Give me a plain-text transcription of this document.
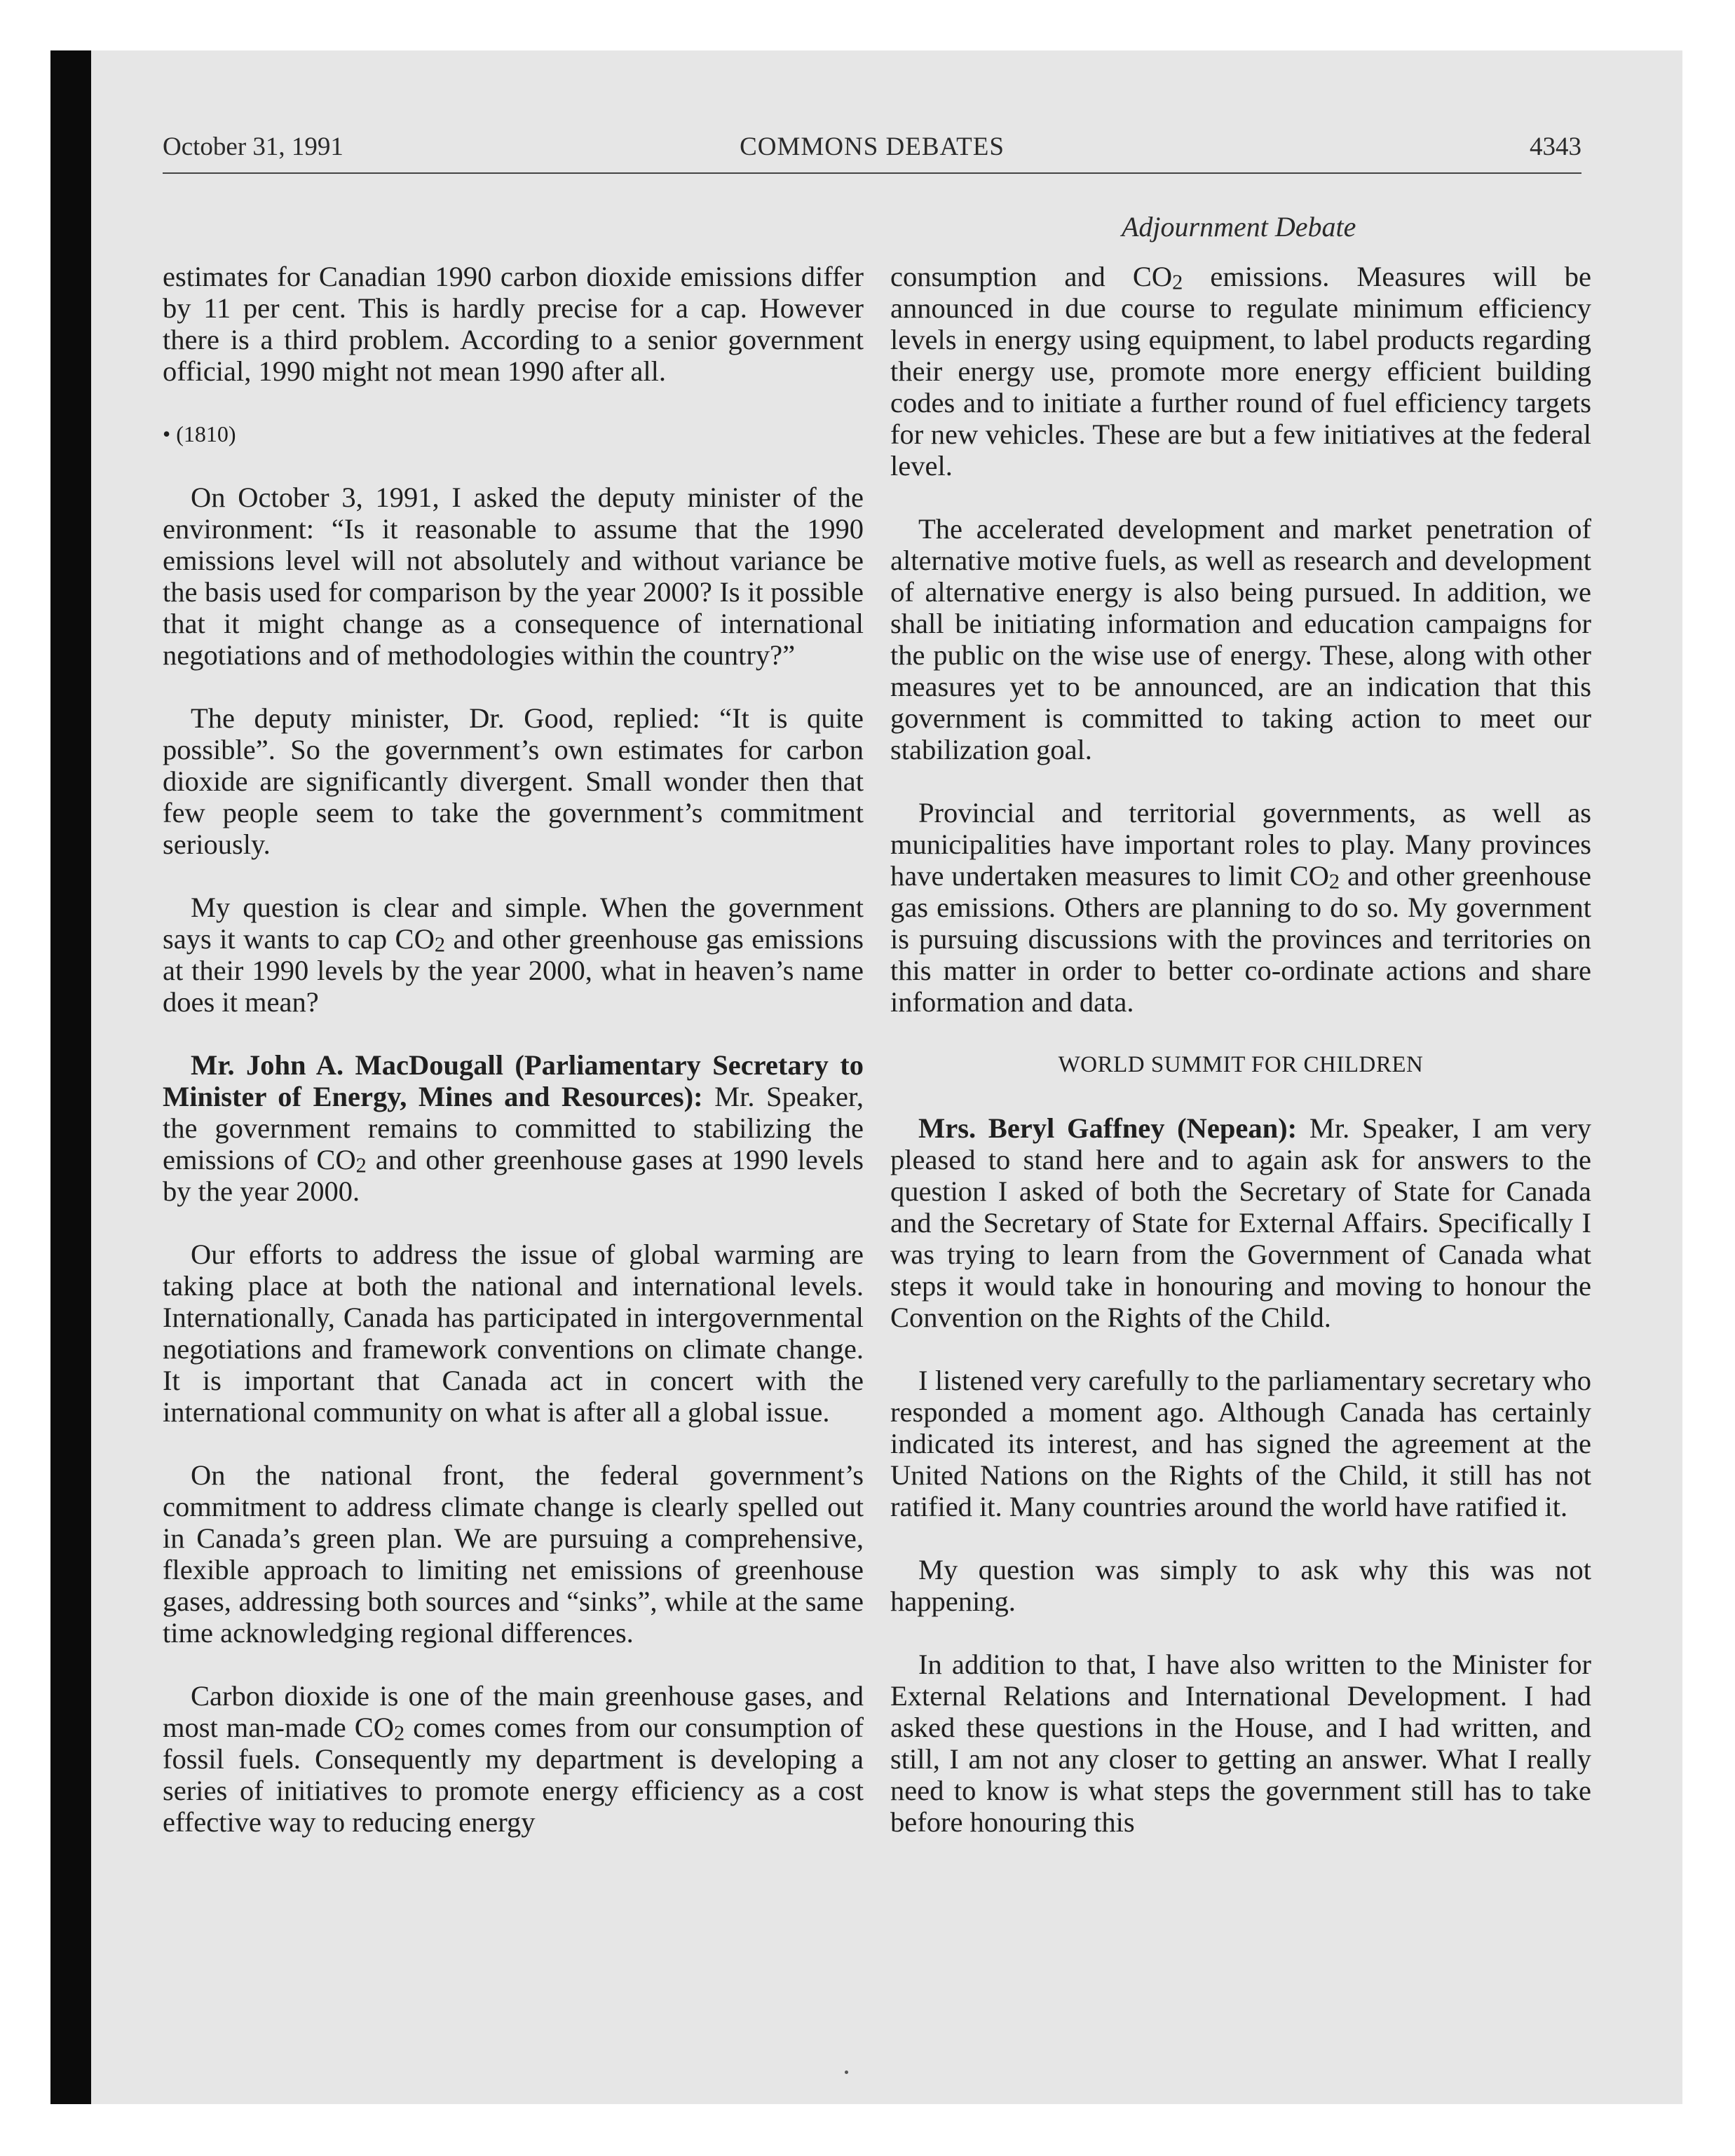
October 31, 1991	COMMONS DEBATES	4343
Adjournment Debate

estimates for Canadian 1990 carbon dioxide emissions differ by 11 per cent. This is hardly precise for a cap. However there is a third problem. According to a senior government official, 1990 might not mean 1990 after all.

• (1810)

On October 3, 1991, I asked the deputy minister of the environment: “Is it reasonable to assume that the 1990 emissions level will not absolutely and without variance be the basis used for comparison by the year 2000? Is it possible that it might change as a consequence of international negotiations and of methodologies within the country?”

The deputy minister, Dr. Good, replied: “It is quite possible”. So the government’s own estimates for carbon dioxide are significantly divergent. Small wonder then that few people seem to take the government’s commitment seriously.

My question is clear and simple. When the government says it wants to cap $CO_2$ and other greenhouse gas emissions at their 1990 levels by the year 2000, what in heaven’s name does it mean?

Mr. John A. MacDougall (Parliamentary Secretary to Minister of Energy, Mines and Resources): Mr. Speaker, the government remains to committed to stabilizing the emissions of $CO_2$ and other greenhouse gases at 1990 levels by the year 2000.

Our efforts to address the issue of global warming are taking place at both the national and international levels. Internationally, Canada has participated in intergovernmental negotiations and framework conventions on climate change. It is important that Canada act in concert with the international community on what is after all a global issue.

On the national front, the federal government’s commitment to address climate change is clearly spelled out in Canada’s green plan. We are pursuing a comprehensive, flexible approach to limiting net emissions of greenhouse gases, addressing both sources and “sinks”, while at the same time acknowledging regional differences.

Carbon dioxide is one of the main greenhouse gases, and most man-made $CO_2$ comes comes from our consumption of fossil fuels. Consequently my department is developing a series of initiatives to promote energy efficiency as a cost effective way to reducing energy

consumption and $CO_2$ emissions. Measures will be announced in due course to regulate minimum efficiency levels in energy using equipment, to label products regarding their energy use, promote more energy efficient building codes and to initiate a further round of fuel efficiency targets for new vehicles. These are but a few initiatives at the federal level.

The accelerated development and market penetration of alternative motive fuels, as well as research and development of alternative energy is also being pursued. In addition, we shall be initiating information and education campaigns for the public on the wise use of energy. These, along with other measures yet to be announced, are an indication that this government is committed to taking action to meet our stabilization goal.

Provincial and territorial governments, as well as municipalities have important roles to play. Many provinces have undertaken measures to limit $CO_2$ and other greenhouse gas emissions. Others are planning to do so. My government is pursuing discussions with the provinces and territories on this matter in order to better co-ordinate actions and share information and data.

WORLD SUMMIT FOR CHILDREN

Mrs. Beryl Gaffney (Nepean): Mr. Speaker, I am very pleased to stand here and to again ask for answers to the question I asked of both the Secretary of State for Canada and the Secretary of State for External Affairs. Specifically I was trying to learn from the Government of Canada what steps it would take in honouring and moving to honour the Convention on the Rights of the Child.

I listened very carefully to the parliamentary secretary who responded a moment ago. Although Canada has certainly indicated its interest, and has signed the agreement at the United Nations on the Rights of the Child, it still has not ratified it. Many countries around the world have ratified it.

My question was simply to ask why this was not happening.

In addition to that, I have also written to the Minister for External Relations and International Development. I had asked these questions in the House, and I had written, and still, I am not any closer to getting an answer. What I really need to know is what steps the government still has to take before honouring this
